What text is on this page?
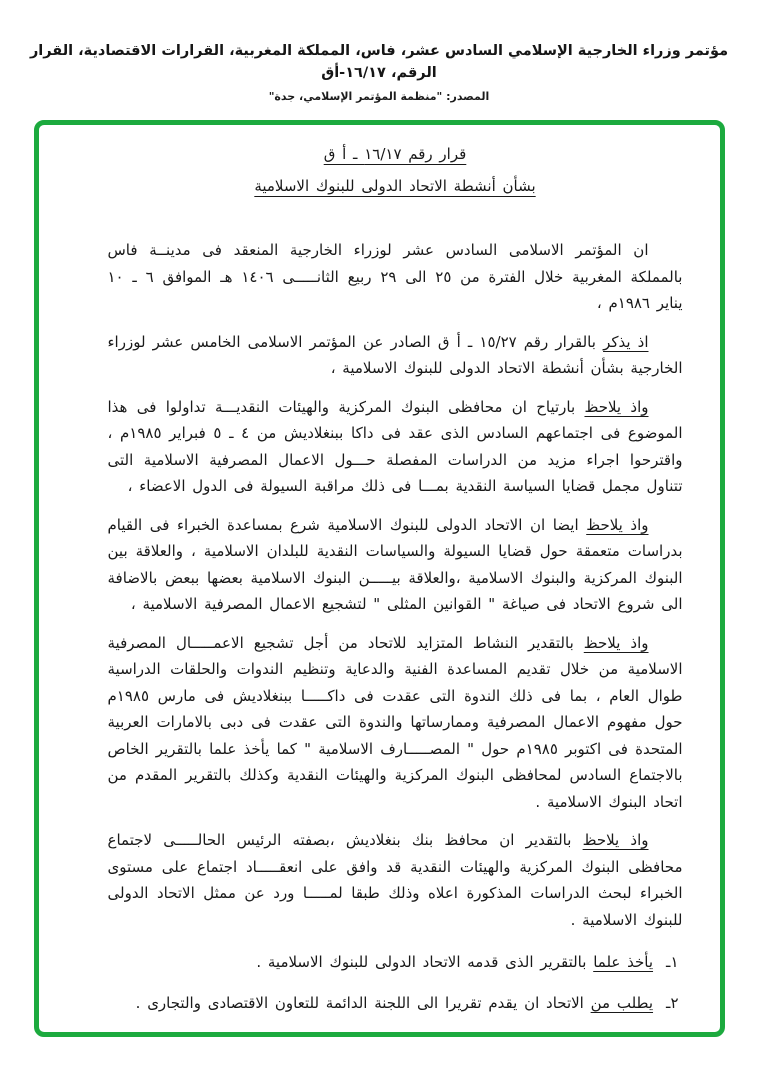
مؤتمر وزراء الخارجية الإسلامي السادس عشر، فاس، المملكة المغربية، القرارات الاقتصادية، القرار الرقم، ١٦/١٧-أق
المصدر: "منظمة المؤتمر الإسلامي، جدة"
قرار رقم ١٦/١٧ ـ أ ق
بشأن أنشطة الاتحاد الدولى للبنوك الاسلامية

ان المؤتمر الاسلامى السادس عشر لوزراء الخارجية المنعقد فى مدينــة فاس بالمملكة المغربية خلال الفترة من ٢٥ الى ٢٩ ربيع الثانـــــى ١٤٠٦ هـ الموافق ٦ ـ ١٠ يناير ١٩٨٦م ،

اذ يذكر بالقرار رقم ١٥/٢٧ ـ أ ق الصادر عن المؤتمر الاسلامى الخامس عشر لوزراء الخارجية بشأن أنشطة الاتحاد الدولى للبنوك الاسلامية ،

واذ يلاحظ بارتياح ان محافظى البنوك المركزية والهيئات النقديـــة تداولوا فى هذا الموضوع فى اجتماعهم السادس الذى عقد فى داكا ببنغلاديش من ٤ ـ ٥ فبراير ١٩٨٥م ، واقترحوا اجراء مزيد من الدراسات المفصلة حـــول الاعمال المصرفية الاسلامية التى تتناول مجمل قضايا السياسة النقدية بمـــا فى ذلك مراقبة السيولة فى الدول الاعضاء ،

واذ يلاحظ ايضا ان الاتحاد الدولى للبنوك الاسلامية شرع بمساعدة الخبراء فى القيام بدراسات متعمقة حول قضايا السيولة والسياسات النقدية للبلدان الاسلامية ، والعلاقة بين البنوك المركزية والبنوك الاسلامية ،والعلاقة بيـــــن البنوك الاسلامية بعضها ببعض بالاضافة الى شروع الاتحاد فى صياغة " القوانين المثلى " لتشجيع الاعمال المصرفية الاسلامية ،

واذ يلاحظ بالتقدير النشاط المتزايد للاتحاد من أجل تشجيع الاعمـــــال المصرفية الاسلامية من خلال تقديم المساعدة الفنية والدعاية وتنظيم الندوات والحلقات الدراسية طوال العام ، بما فى ذلك الندوة التى عقدت فى داكـــــا ببنغلاديش فى مارس ١٩٨٥م حول مفهوم الاعمال المصرفية وممارساتها والندوة التى عقدت فى دبى بالامارات العربية المتحدة فى اكتوبر ١٩٨٥م حول " المصـــــارف الاسلامية " كما يأخذ علما بالتقرير الخاص بالاجتماع السادس لمحافظى البنوك المركزية والهيئات النقدية وكذلك بالتقرير المقدم من اتحاد البنوك الاسلامية .

واذ يلاحظ بالتقدير ان محافظ بنك بنغلاديش ،بصفته الرئيس الحالـــــى لاجتماع محافظى البنوك المركزية والهيئات النقدية قد وافق على انعقـــــاد اجتماع على مستوى الخبراء لبحث الدراسات المذكورة اعلاه وذلك طبقا لمـــــا ورد عن ممثل الاتحاد الدولى للبنوك الاسلامية .

١ـ
يأخذ علما بالتقرير الذى قدمه الاتحاد الدولى للبنوك الاسلامية .
٢ـ
يطلب من الاتحاد ان يقدم تقريرا الى اللجنة الدائمة للتعاون الاقتصادى والتجارى .
